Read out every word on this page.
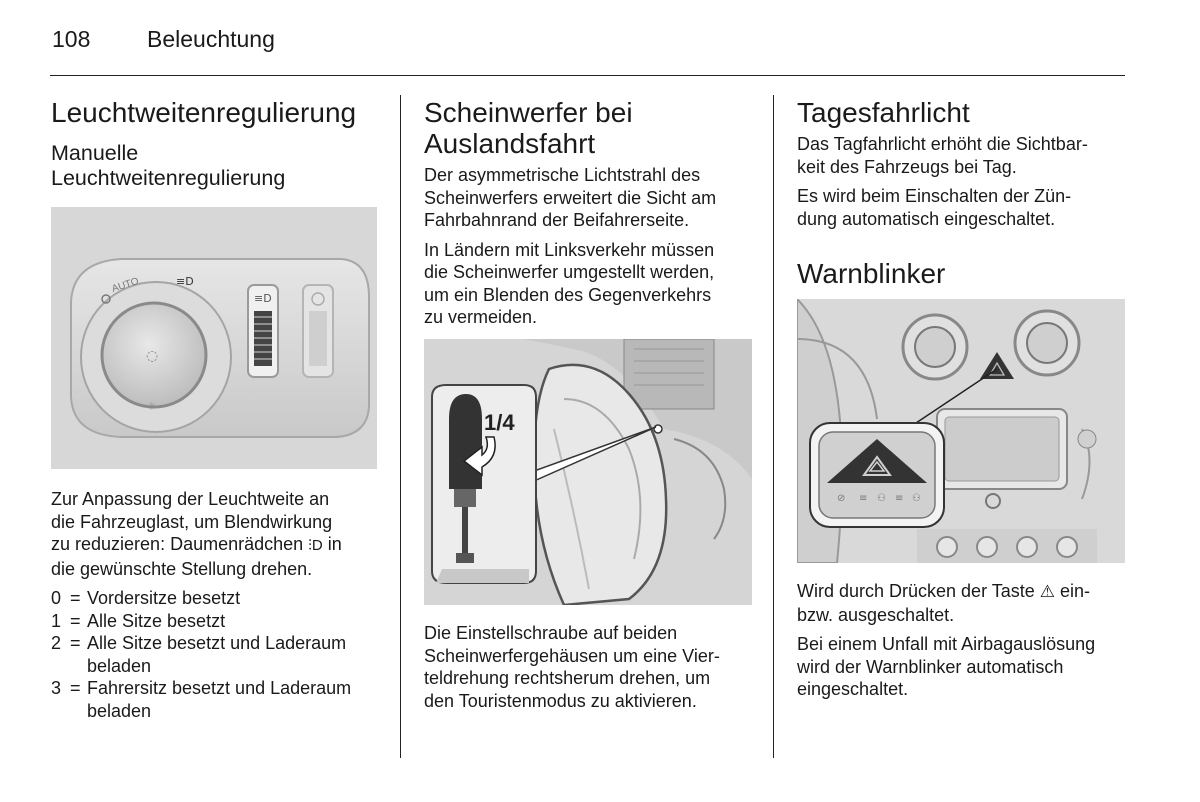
108 Beleuchtung
Leuchtweitenregulierung
Manuelle
Leuchtweitenregulierung
◌
AUTO	≡D
≡D
☼

Zur Anpassung der Leuchtweite an

die Fahrzeuglast, um Blendwirkung

zu reduzieren: Daumenrädchen ⫶D in

die gewünschte Stellung drehen.

0 = Vordersitze besetzt
1 = Alle Sitze besetzt
2 = Alle Sitze besetzt und Laderaum beladen
3 = Fahrersitz besetzt und Laderaum beladen
Scheinwerfer bei
Auslandsfahrt

Der asymmetrische Lichtstrahl des

Scheinwerfers erweitert die Sicht am

Fahrbahnrand der Beifahrerseite.

In Ländern mit Linksverkehr müssen

die Scheinwerfer umgestellt werden,

um ein Blenden des Gegenverkehrs

zu vermeiden.

1/4

Die Einstellschraube auf beiden

Scheinwerfergehäusen um eine Vier-

teldrehung rechtsherum drehen, um

den Touristenmodus zu aktivieren.

Tagesfahrlicht

Das Tagfahrlicht erhöht die Sichtbar-

keit des Fahrzeugs bei Tag.

Es wird beim Einschalten der Zün-

dung automatisch eingeschaltet.

Warnblinker
⊘ ≡ ⚇ ≡ ⚇

Wird durch Drücken der Taste ⚠ ein-

bzw. ausgeschaltet.

Bei einem Unfall mit Airbagauslösung

wird der Warnblinker automatisch

eingeschaltet.
